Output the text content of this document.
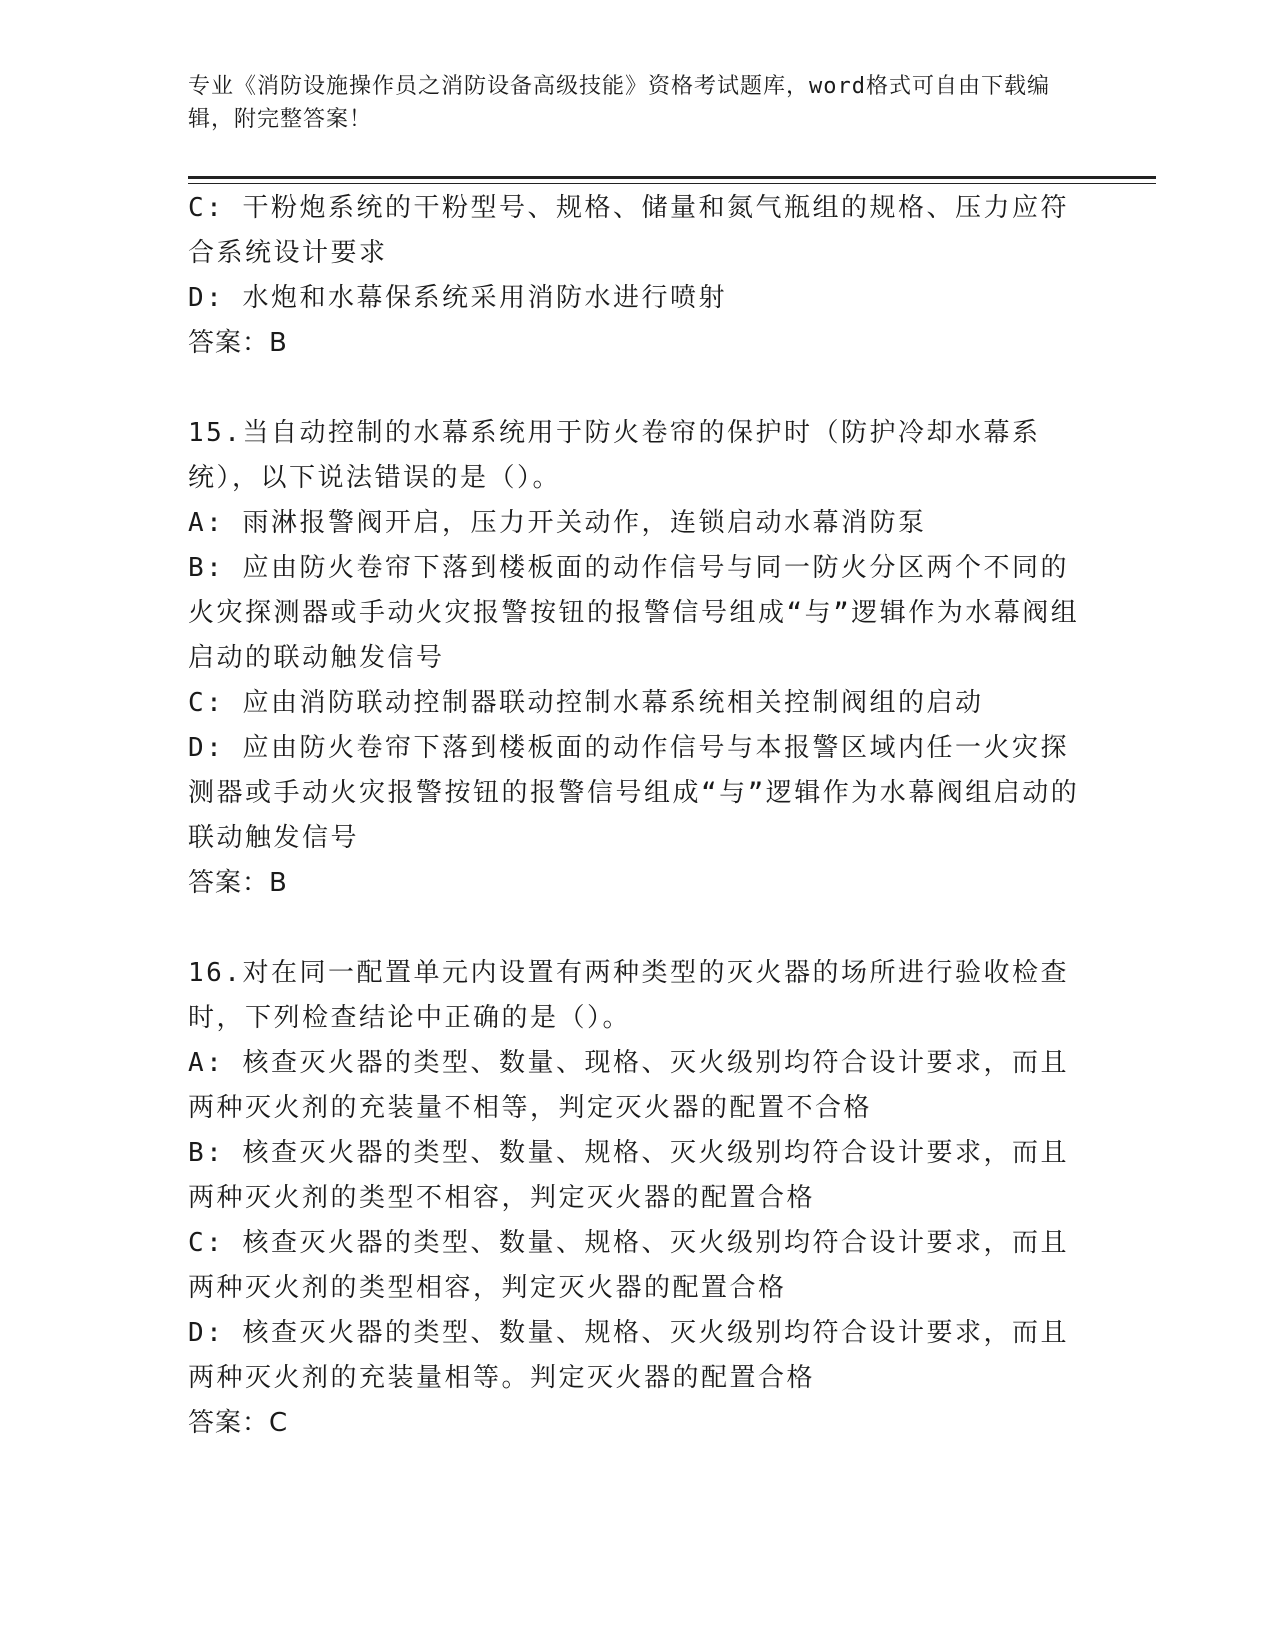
专业《消防设施操作员之消防设备高级技能》资格考试题库，word格式可自由下载编辑，附完整答案！

C: 干粉炮系统的干粉型号、规格、储量和氮气瓶组的规格、压力应符合系统设计要求

D: 水炮和水幕保系统采用消防水进行喷射

答案：B

15.当自动控制的水幕系统用于防火卷帘的保护时（防护冷却水幕系统），以下说法错误的是（）。

A: 雨淋报警阀开启，压力开关动作，连锁启动水幕消防泵

B: 应由防火卷帘下落到楼板面的动作信号与同一防火分区两个不同的火灾探测器或手动火灾报警按钮的报警信号组成“与”逻辑作为水幕阀组启动的联动触发信号

C: 应由消防联动控制器联动控制水幕系统相关控制阀组的启动

D: 应由防火卷帘下落到楼板面的动作信号与本报警区域内任一火灾探测器或手动火灾报警按钮的报警信号组成“与”逻辑作为水幕阀组启动的联动触发信号

答案：B

16.对在同一配置单元内设置有两种类型的灭火器的场所进行验收检查时，下列检查结论中正确的是（）。

A: 核查灭火器的类型、数量、现格、灭火级别均符合设计要求，而且两种灭火剂的充装量不相等，判定灭火器的配置不合格

B: 核查灭火器的类型、数量、规格、灭火级别均符合设计要求，而且两种灭火剂的类型不相容，判定灭火器的配置合格

C: 核查灭火器的类型、数量、规格、灭火级别均符合设计要求，而且两种灭火剂的类型相容，判定灭火器的配置合格

D: 核查灭火器的类型、数量、规格、灭火级别均符合设计要求，而且两种灭火剂的充装量相等。判定灭火器的配置合格

答案：C
